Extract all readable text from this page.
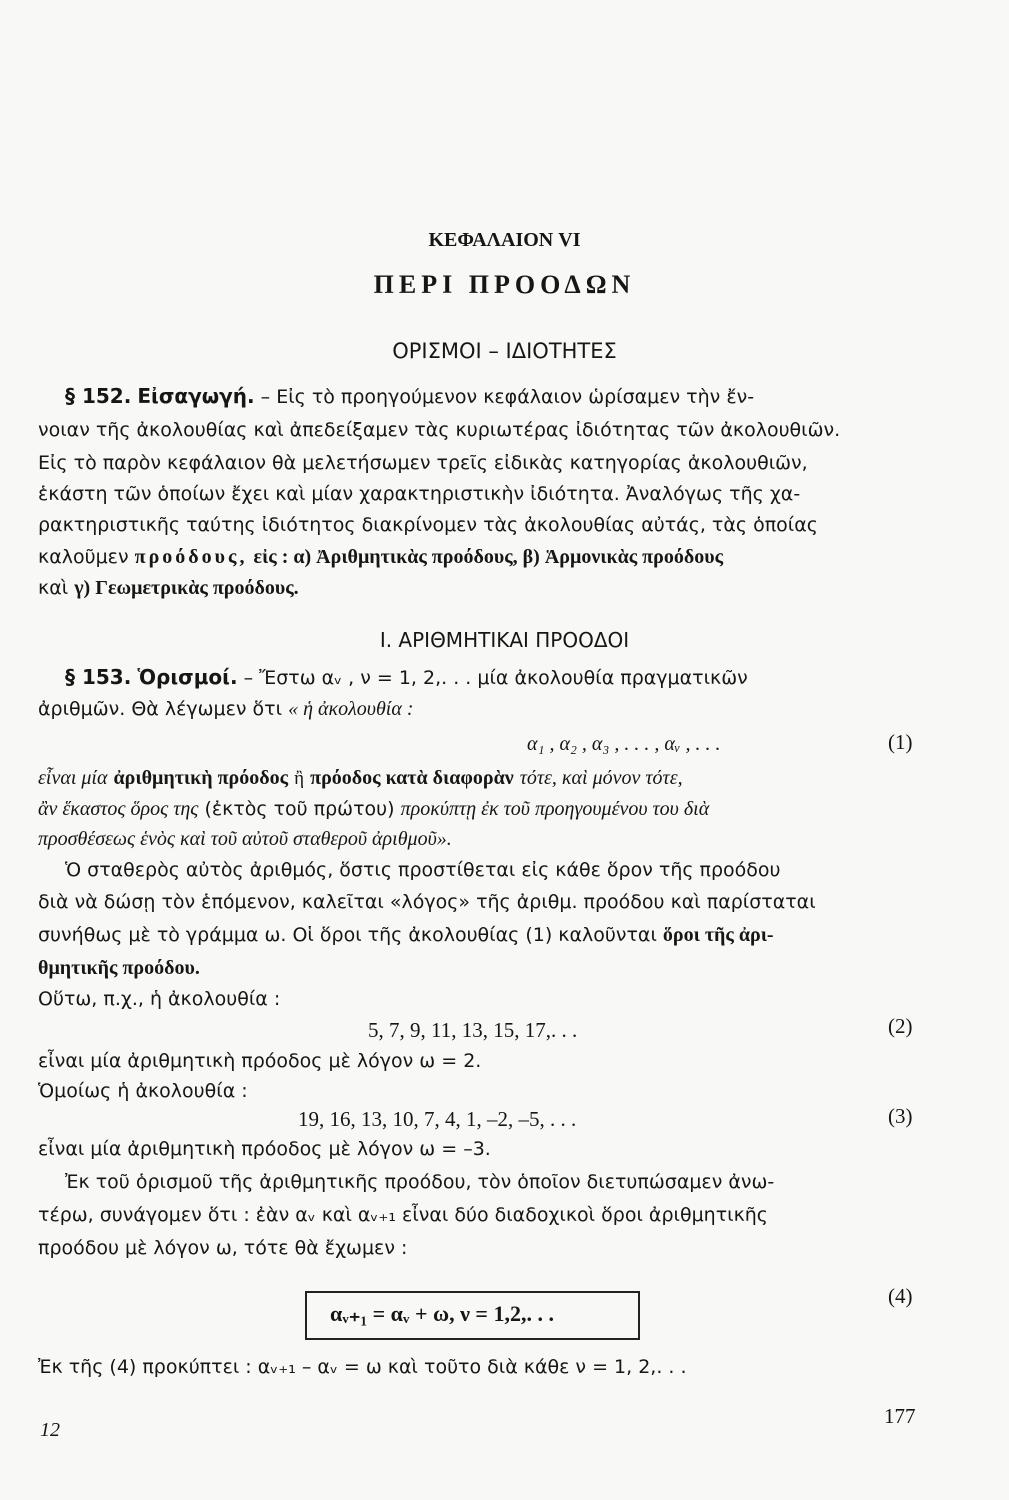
ΚΕΦΑΛΑΙΟΝ VI
ΠΕΡΙ ΠΡΟΟΔΩΝ
ΟΡΙΣΜΟΙ – ΙΔΙΟΤΗΤΕΣ
§ 152. Εἰσαγωγή. – Εἰς τὸ προηγούμενον κεφάλαιον ὡρίσαμεν τὴν ἔν-
νοιαν τῆς ἀκολουθίας καὶ ἀπεδείξαμεν τὰς κυριωτέρας ἰδιότητας τῶν ἀκολουθιῶν.
Εἰς τὸ παρὸν κεφάλαιον θὰ μελετήσωμεν τρεῖς εἰδικὰς κατηγορίας ἀκολουθιῶν,
ἑκάστη τῶν ὁποίων ἔχει καὶ μίαν χαρακτηριστικὴν ἰδιότητα. Ἀναλόγως τῆς χα-
ρακτηριστικῆς ταύτης ἰδιότητος διακρίνομεν τὰς ἀκολουθίας αὐτάς, τὰς ὁποίας
καλοῦμεν προόδους, εἰς : α) Ἀριθμητικὰς προόδους, β) Ἁρμονικὰς προόδους
καὶ γ) Γεωμετρικὰς προόδους.
I. ΑΡΙΘΜΗΤΙΚΑΙ ΠΡΟΟΔΟΙ
§ 153. Ὁρισμοί. – Ἔστω αᵥ , ν = 1, 2,. . . μία ἀκολουθία πραγματικῶν
ἀριθμῶν. Θὰ λέγωμεν ὅτι « ἡ ἀκολουθία :
α₁ , α₂ , α₃ , . . . , αᵥ , . . .	(1)
εἶναι μία ἀριθμητικὴ πρόοδος ἢ πρόοδος κατὰ διαφορὰν τότε, καὶ μόνον τότε,
ἂν ἕκαστος ὅρος της (ἐκτὸς τοῦ πρώτου) προκύπτῃ ἐκ τοῦ προηγουμένου του διὰ
προσθέσεως ἑνὸς καὶ τοῦ αὐτοῦ σταθεροῦ ἀριθμοῦ».
Ὁ σταθερὸς αὐτὸς ἀριθμός, ὅστις προστίθεται εἰς κάθε ὅρον τῆς προόδου
διὰ νὰ δώσῃ τὸν ἑπόμενον, καλεῖται «λόγος» τῆς ἀριθμ. προόδου καὶ παρίσταται
συνήθως μὲ τὸ γράμμα ω. Οἱ ὅροι τῆς ἀκολουθίας (1) καλοῦνται ὅροι τῆς ἀρι-
θμητικῆς προόδου.
Οὕτω, π.χ., ἡ ἀκολουθία :
5, 7, 9, 11, 13, 15, 17,. . .	(2)
εἶναι μία ἀριθμητικὴ πρόοδος μὲ λόγον ω = 2.
Ὁμοίως ἡ ἀκολουθία :
19, 16, 13, 10, 7, 4, 1, –2, –5, . . .	(3)
εἶναι μία ἀριθμητικὴ πρόοδος μὲ λόγον ω = –3.
Ἐκ τοῦ ὁρισμοῦ τῆς ἀριθμητικῆς προόδου, τὸν ὁποῖον διετυπώσαμεν ἀνω-
τέρω, συνάγομεν ὅτι : ἐὰν αᵥ καὶ αᵥ₊₁ εἶναι δύο διαδοχικοὶ ὅροι ἀριθμητικῆς
προόδου μὲ λόγον ω, τότε θὰ ἔχωμεν :
αᵥ₊₁ = αᵥ + ω, ν = 1,2,. . .
(4)
Ἐκ τῆς (4) προκύπτει : αᵥ₊₁ – αᵥ = ω καὶ τοῦτο διὰ κάθε ν = 1, 2,. . .
12
177
